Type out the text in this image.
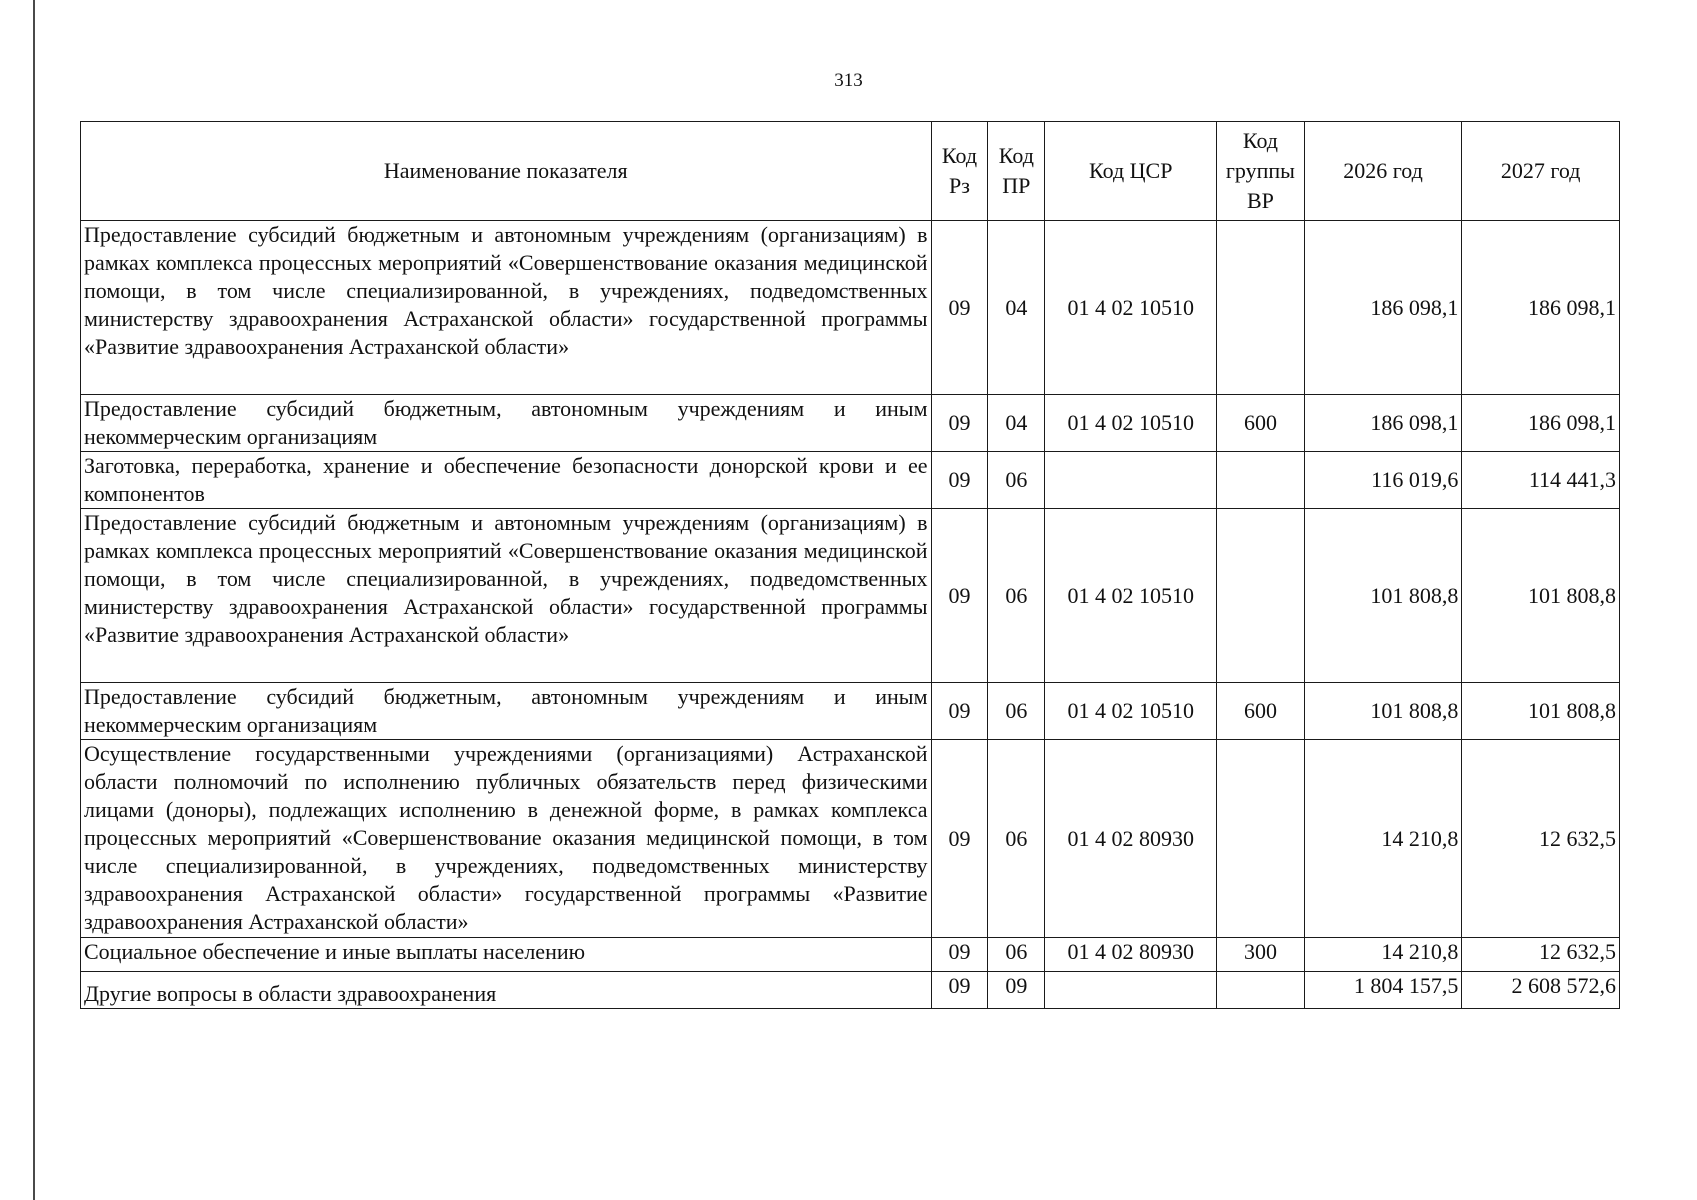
313
Наименование показателя	Код Рз	Код ПР	Код ЦСР	Код группы ВР	2026 год	2027 год
Предоставление субсидий бюджетным и автономным учреждениям (организациям) в рамках комплекса процессных мероприятий «Совершенствование оказания медицинской помощи, в том числе специализированной, в учреждениях, подведомственных министерству здравоохранения Астраханской области» государственной программы «Развитие здравоохранения Астраханской области»	09	04	01 4 02 10510		186 098,1	186 098,1
Предоставление субсидий бюджетным, автономным учреждениям и иным некоммерческим организациям	09	04	01 4 02 10510	600	186 098,1	186 098,1
Заготовка, переработка, хранение и обеспечение безопасности донорской крови и ее компонентов	09	06			116 019,6	114 441,3
Предоставление субсидий бюджетным и автономным учреждениям (организациям) в рамках комплекса процессных мероприятий «Совершенствование оказания медицинской помощи, в том числе специализированной, в учреждениях, подведомственных министерству здравоохранения Астраханской области» государственной программы «Развитие здравоохранения Астраханской области»	09	06	01 4 02 10510		101 808,8	101 808,8
Предоставление субсидий бюджетным, автономным учреждениям и иным некоммерческим организациям	09	06	01 4 02 10510	600	101 808,8	101 808,8
Осуществление государственными учреждениями (организациями) Астраханской области полномочий по исполнению публичных обязательств перед физическими лицами (доноры), подлежащих исполнению в денежной форме, в рамках комплекса процессных мероприятий «Совершенствование оказания медицинской помощи, в том числе специализированной, в учреждениях, подведомственных министерству здравоохранения Астраханской области» государственной программы «Развитие здравоохранения Астраханской области»	09	06	01 4 02 80930		14 210,8	12 632,5
Социальное обеспечение и иные выплаты населению	09	06	01 4 02 80930	300	14 210,8	12 632,5
Другие вопросы в области здравоохранения	09	09			1 804 157,5	2 608 572,6
